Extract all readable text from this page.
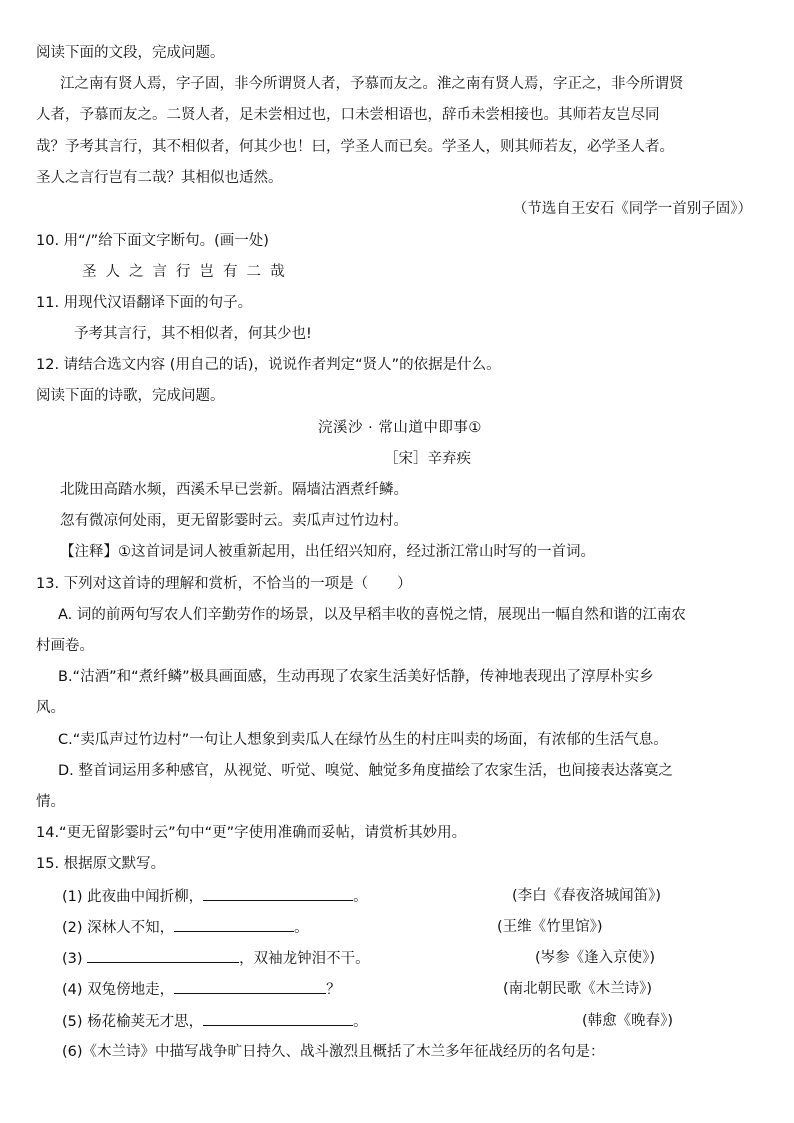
阅读下面的文段，完成问题。
江之南有贤人焉，字子固，非今所谓贤人者，予慕而友之。淮之南有贤人焉，字正之，非今所谓贤
人者，予慕而友之。二贤人者，足未尝相过也，口未尝相语也，辞币未尝相接也。其师若友岂尽同
哉？予考其言行，其不相似者，何其少也！曰，学圣人而已矣。学圣人，则其师若友，必学圣人者。
圣人之言行岂有二哉？其相似也适然。
（节选自王安石《同学一首别子固》）
10. 用“/”给下面文字断句。(画一处)
圣人之言行岂有二哉
11. 用现代汉语翻译下面的句子。
予考其言行，其不相似者，何其少也!
12. 请结合选文内容 (用自己的话)，说说作者判定“贤人”的依据是什么。
阅读下面的诗歌，完成问题。
浣溪沙 · 常山道中即事①
［宋］辛弃疾
北陇田高踏水频，西溪禾早已尝新。隔墙沽酒煮纤鳞。
忽有微凉何处雨，更无留影霎时云。卖瓜声过竹边村。
【注释】①这首词是词人被重新起用，出任绍兴知府，经过浙江常山时写的一首词。
13. 下列对这首诗的理解和赏析，不恰当的一项是（　　）
A. 词的前两句写农人们辛勤劳作的场景，以及早稻丰收的喜悦之情，展现出一幅自然和谐的江南农
村画卷。
B.“沽酒”和“煮纤鳞”极具画面感，生动再现了农家生活美好恬静，传神地表现出了淳厚朴实乡
风。
C.“卖瓜声过竹边村”一句让人想象到卖瓜人在绿竹丛生的村庄叫卖的场面，有浓郁的生活气息。
D. 整首词运用多种感官，从视觉、听觉、嗅觉、触觉多角度描绘了农家生活，也间接表达落寞之
情。
14.“更无留影霎时云”句中“更”字使用准确而妥帖，请赏析其妙用。
15. 根据原文默写。
(1) 此夜曲中闻折柳，	。	(李白《春夜洛城闻笛》)
(2) 深林人不知，	。	(王维《竹里馆》)
(3)	，双袖龙钟泪不干。	(岑参《逢入京使》)
(4) 双兔傍地走，	？	(南北朝民歌《木兰诗》)
(5) 杨花榆荚无才思，	。	(韩愈《晚春》)
(6)《木兰诗》中描写战争旷日持久、战斗激烈且概括了木兰多年征战经历的名句是：
